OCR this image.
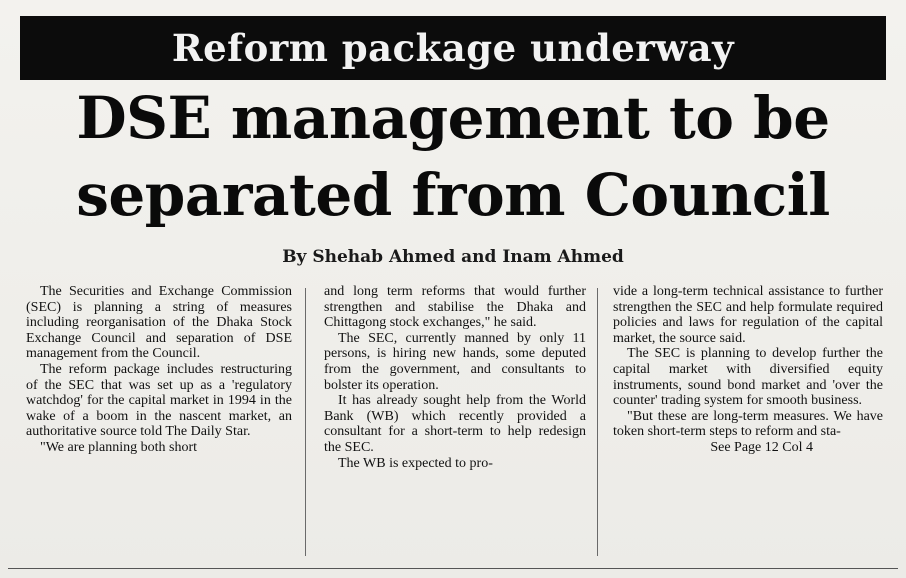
Reform package underway
DSE management to be
separated from Council
By Shehab Ahmed and Inam Ahmed

The Securities and Exchange Commission (SEC) is planning a string of measures including reorganisation of the Dhaka Stock Exchange Council and separation of DSE management from the Council.

The reform package includes restructuring of the SEC that was set up as a 'regulatory watchdog' for the capital market in 1994 in the wake of a boom in the nascent market, an authoritative source told The Daily Star.

"We are planning both short

and long term reforms that would further strengthen and stabilise the Dhaka and Chittagong stock exchanges," he said.

The SEC, currently manned by only 11 persons, is hiring new hands, some deputed from the government, and consultants to bolster its operation.

It has already sought help from the World Bank (WB) which recently provided a consultant for a short-term to help redesign the SEC.

The WB is expected to pro-

vide a long-term technical assistance to further strengthen the SEC and help formulate required policies and laws for regulation of the capital market, the source said.

The SEC is planning to develop further the capital market with diversified equity instruments, sound bond market and 'over the counter' trading system for smooth business.

"But these are long-term measures. We have token short-term steps to reform and sta-

See Page 12 Col 4
